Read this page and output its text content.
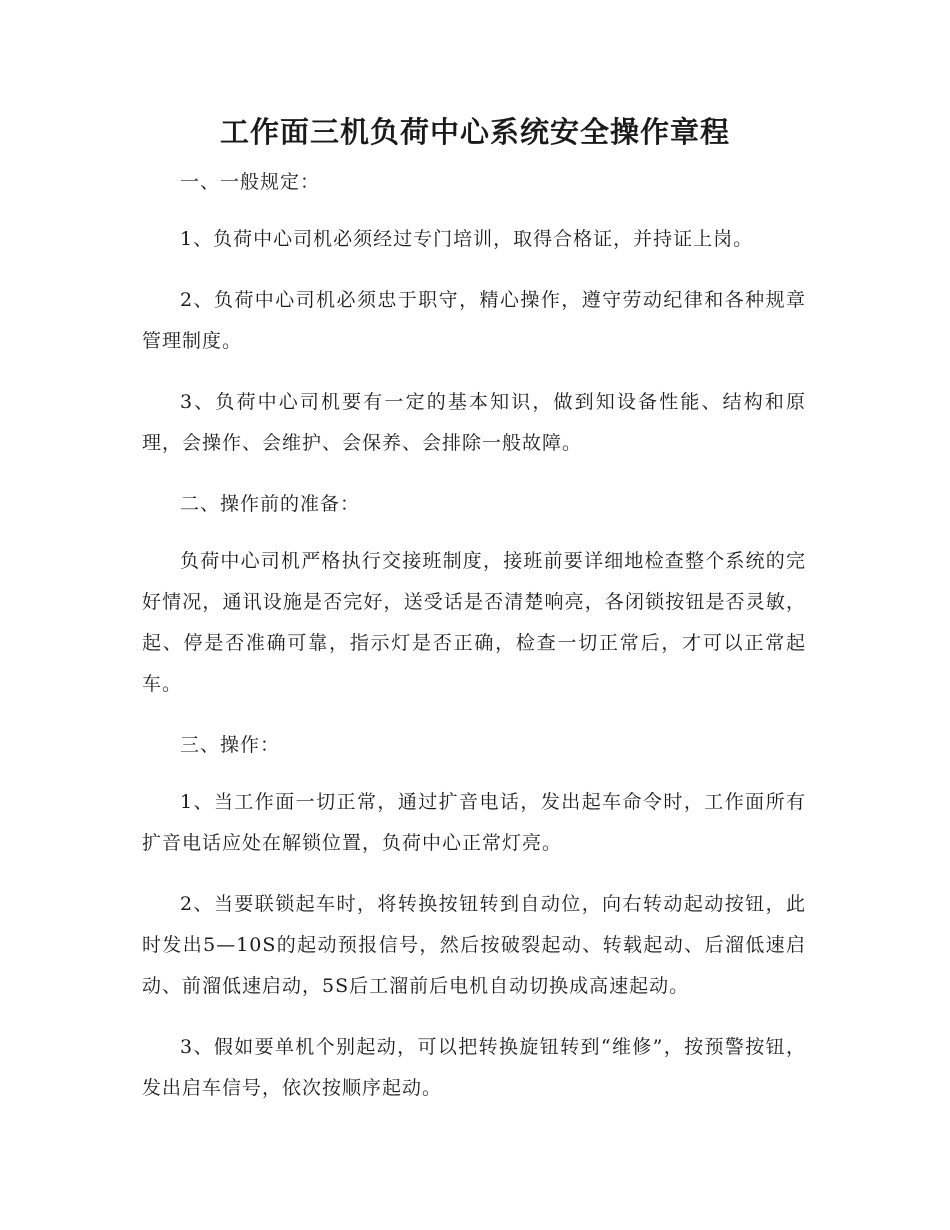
工作面三机负荷中心系统安全操作章程

一、一般规定：

1、负荷中心司机必须经过专门培训，取得合格证，并持证上岗。

2、负荷中心司机必须忠于职守，精心操作，遵守劳动纪律和各种规章管理制度。

3、负荷中心司机要有一定的基本知识，做到知设备性能、结构和原理，会操作、会维护、会保养、会排除一般故障。

二、操作前的准备：

负荷中心司机严格执行交接班制度，接班前要详细地检查整个系统的完好情况，通讯设施是否完好，送受话是否清楚响亮，各闭锁按钮是否灵敏，起、停是否准确可靠，指示灯是否正确，检查一切正常后，才可以正常起车。

三、操作：

1、当工作面一切正常，通过扩音电话，发出起车命令时，工作面所有扩音电话应处在解锁位置，负荷中心正常灯亮。

2、当要联锁起车时，将转换按钮转到自动位，向右转动起动按钮，此时发出5—10S的起动预报信号，然后按破裂起动、转载起动、后溜低速启动、前溜低速启动，5S后工溜前后电机自动切换成高速起动。

3、假如要单机个别起动，可以把转换旋钮转到“维修”，按预警按钮，发出启车信号，依次按顺序起动。
